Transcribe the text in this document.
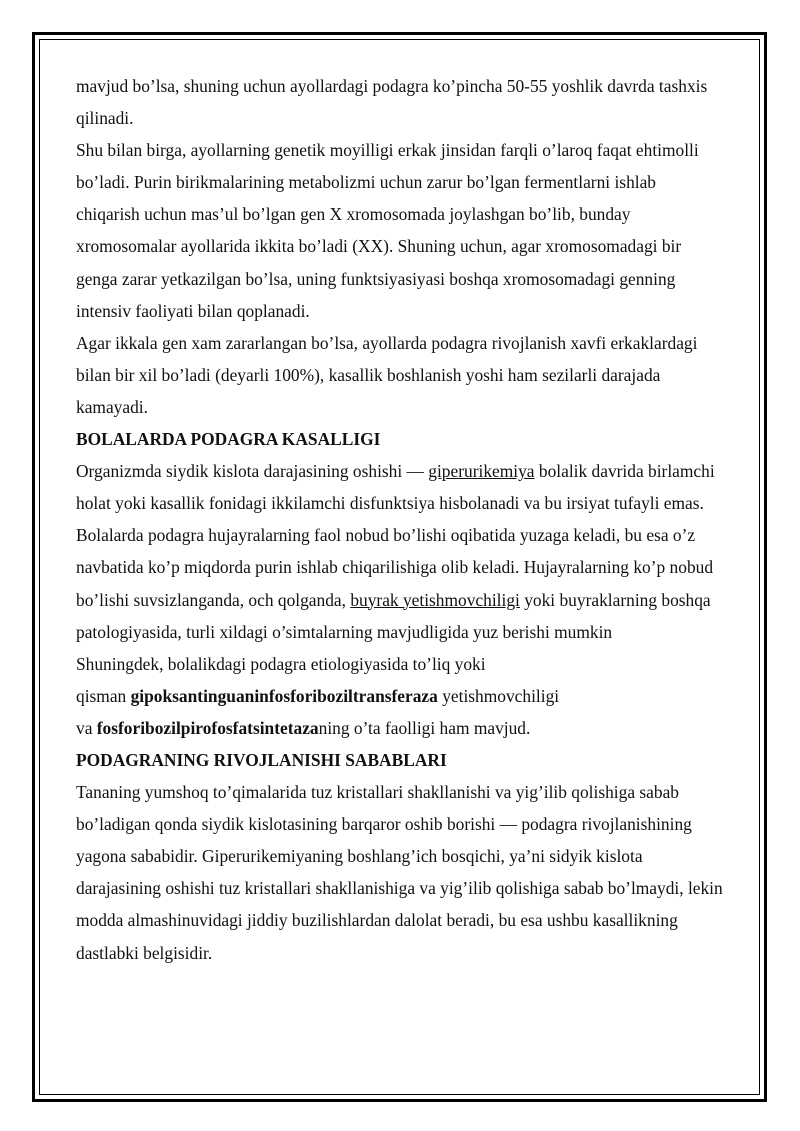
mavjud bo’lsa, shuning uchun ayollardagi podagra ko’pincha 50-55 yoshlik davrda tashxis qilinadi.

Shu bilan birga, ayollarning genetik moyilligi erkak jinsidan farqli o’laroq faqat ehtimolli bo’ladi. Purin birikmalarining metabolizmi uchun zarur bo’lgan fermentlarni ishlab chiqarish uchun mas’ul bo’lgan gen X xromosomada joylashgan bo’lib, bunday xromosomalar ayollarida ikkita bo’ladi (XX). Shuning uchun, agar xromosomadagi bir genga zarar yetkazilgan bo’lsa, uning funktsiyasiyasi boshqa xromosomadagi genning intensiv faoliyati bilan qoplanadi.

Agar ikkala gen xam zararlangan bo’lsa, ayollarda podagra rivojlanish xavfi erkaklardagi bilan bir xil bo’ladi (deyarli 100%), kasallik boshlanish yoshi ham sezilarli darajada kamayadi.

BOLALARDA PODAGRA KASALLIGI

Organizmda siydik kislota darajasining oshishi — giperurikemiya bolalik davrida birlamchi holat yoki kasallik fonidagi ikkilamchi disfunktsiya hisbolanadi va bu irsiyat tufayli emas.

Bolalarda podagra hujayralarning faol nobud bo’lishi oqibatida yuzaga keladi, bu esa o’z navbatida ko’p miqdorda purin ishlab chiqarilishiga olib keladi. Hujayralarning ko’p nobud bo’lishi suvsizlanganda, och qolganda, buyrak yetishmovchiligi yoki buyraklarning boshqa patologiyasida, turli xildagi o’simtalarning mavjudligida yuz berishi mumkin

Shuningdek, bolalikdagi podagra etiologiyasida to’liq yoki
qisman gipoksantinguaninfosforiboziltransferaza yetishmovchiligi
va fosforibozilpirofosfatsintetazaning o’ta faolligi ham mavjud.

PODAGRANING RIVOJLANISHI SABABLARI

Tananing yumshoq to’qimalarida tuz kristallari shakllanishi va yig’ilib qolishiga sabab bo’ladigan qonda siydik kislotasining barqaror oshib borishi — podagra rivojlanishining yagona sababidir. Giperurikemiyaning boshlang’ich bosqichi, ya’ni sidyik kislota darajasining oshishi tuz kristallari shakllanishiga va yig’ilib qolishiga sabab bo’lmaydi, lekin modda almashinuvidagi jiddiy buzilishlardan dalolat beradi, bu esa ushbu kasallikning dastlabki belgisidir.
